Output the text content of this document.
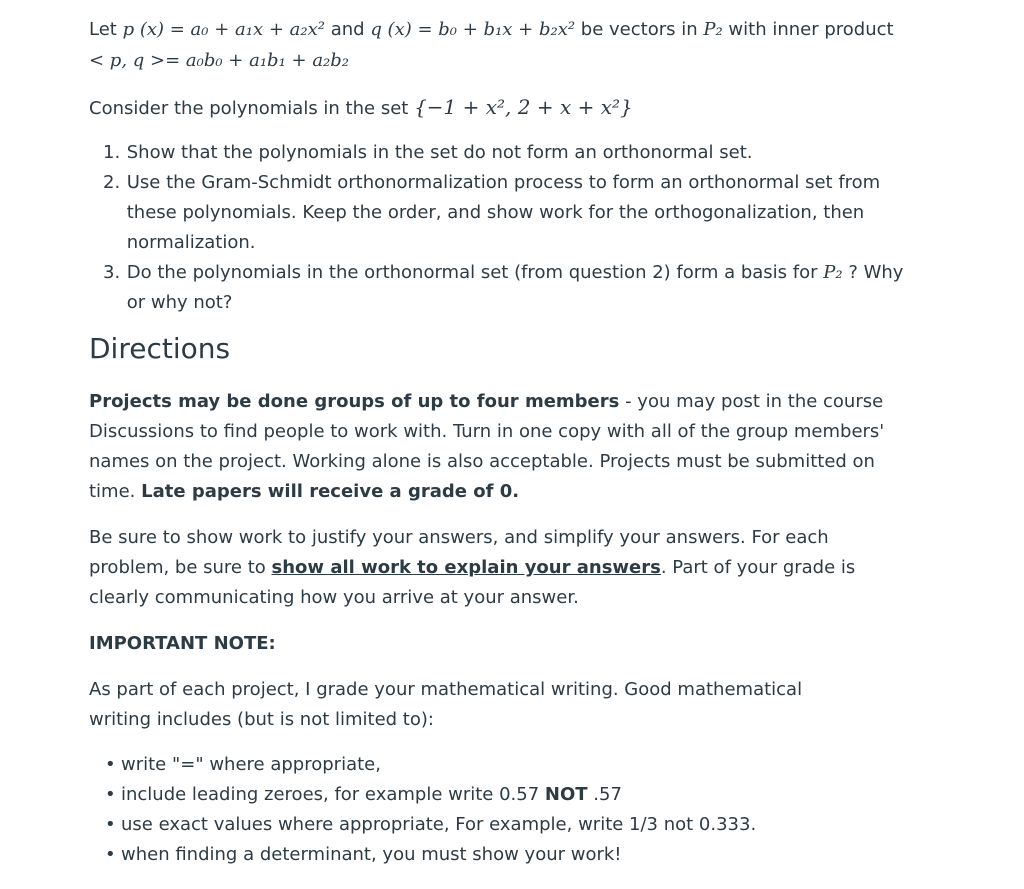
Let p (x) = a₀ + a₁x + a₂x² and q (x) = b₀ + b₁x + b₂x² be vectors in P₂ with inner product
< p, q >= a₀b₀ + a₁b₁ + a₂b₂
Consider the polynomials in the set {−1 + x², 2 + x + x²}
1. Show that the polynomials in the set do not form an orthonormal set.
2. Use the Gram-Schmidt orthonormalization process to form an orthonormal set from these polynomials. Keep the order, and show work for the orthogonalization, then normalization.
3. Do the polynomials in the orthonormal set (from question 2) form a basis for P₂ ? Why or why not?
Directions
Projects may be done groups of up to four members - you may post in the course Discussions to find people to work with. Turn in one copy with all of the group members' names on the project. Working alone is also acceptable. Projects must be submitted on time. Late papers will receive a grade of 0.
Be sure to show work to justify your answers, and simplify your answers. For each problem, be sure to show all work to explain your answers. Part of your grade is clearly communicating how you arrive at your answer.
IMPORTANT NOTE:
As part of each project, I grade your mathematical writing. Good mathematical writing includes (but is not limited to):
• write "=" where appropriate,
• include leading zeroes, for example write 0.57 NOT .57
• use exact values where appropriate, For example, write 1/3 not 0.333.
• when finding a determinant, you must show your work!
